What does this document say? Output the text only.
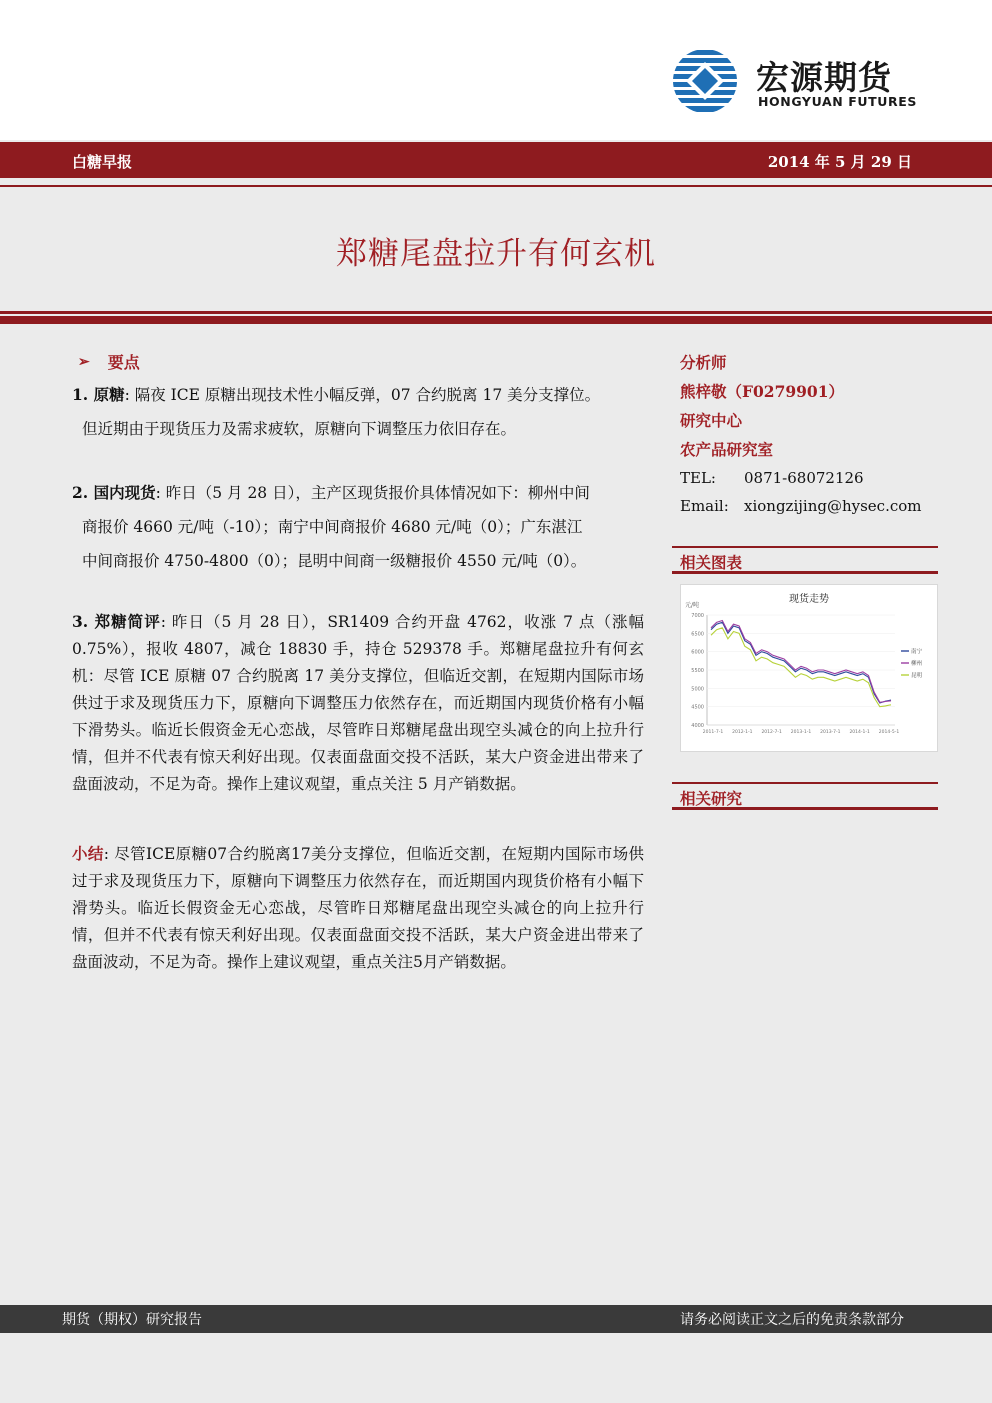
宏源期货
HONGYUAN FUTURES
白糖早报	2014 年 5 月 29 日
郑糖尾盘拉升有何玄机
➢ 要点
1. 原糖: 隔夜 ICE 原糖出现技术性小幅反弹，07 合约脱离 17 美分支撑位。
但近期由于现货压力及需求疲软，原糖向下调整压力依旧存在。
2. 国内现货: 昨日（5 月 28 日），主产区现货报价具体情况如下：柳州中间
商报价 4660 元/吨（-10）；南宁中间商报价 4680 元/吨（0）；广东湛江
中间商报价 4750-4800（0）；昆明中间商一级糖报价 4550 元/吨（0）。
3. 郑糖简评: 昨日（5 月 28 日），SR1409 合约开盘 4762，收涨 7 点（涨幅 0.75%），报收 4807，减仓 18830 手，持仓 529378 手。郑糖尾盘拉升有何玄机：尽管 ICE 原糖 07 合约脱离 17 美分支撑位，但临近交割，在短期内国际市场供过于求及现货压力下，原糖向下调整压力依然存在，而近期国内现货价格有小幅下滑势头。临近长假资金无心恋战，尽管昨日郑糖尾盘出现空头减仓的向上拉升行情，但并不代表有惊天利好出现。仅表面盘面交投不活跃，某大户资金进出带来了盘面波动，不足为奇。操作上建议观望，重点关注 5 月产销数据。
小结: 尽管ICE原糖07合约脱离17美分支撑位，但临近交割，在短期内国际市场供过于求及现货压力下，原糖向下调整压力依然存在，而近期国内现货价格有小幅下滑势头。临近长假资金无心恋战，尽管昨日郑糖尾盘出现空头减仓的向上拉升行情，但并不代表有惊天利好出现。仅表面盘面交投不活跃，某大户资金进出带来了盘面波动，不足为奇。操作上建议观望，重点关注5月产销数据。
分析师
熊梓敬（F0279901）
研究中心
农产品研究室
TEL: 0871-68072126
Email: xiongzijing@hysec.com
相关图表
现货走势
元/吨
7000
6500
6000
5500
5000
4500
4000
2011-7-1 2012-1-1 2012-7-1 2013-1-1 2013-7-1 2014-1-1 2014-5-1
南宁
柳州
昆明
相关研究
期货（期权）研究报告	请务必阅读正文之后的免责条款部分
